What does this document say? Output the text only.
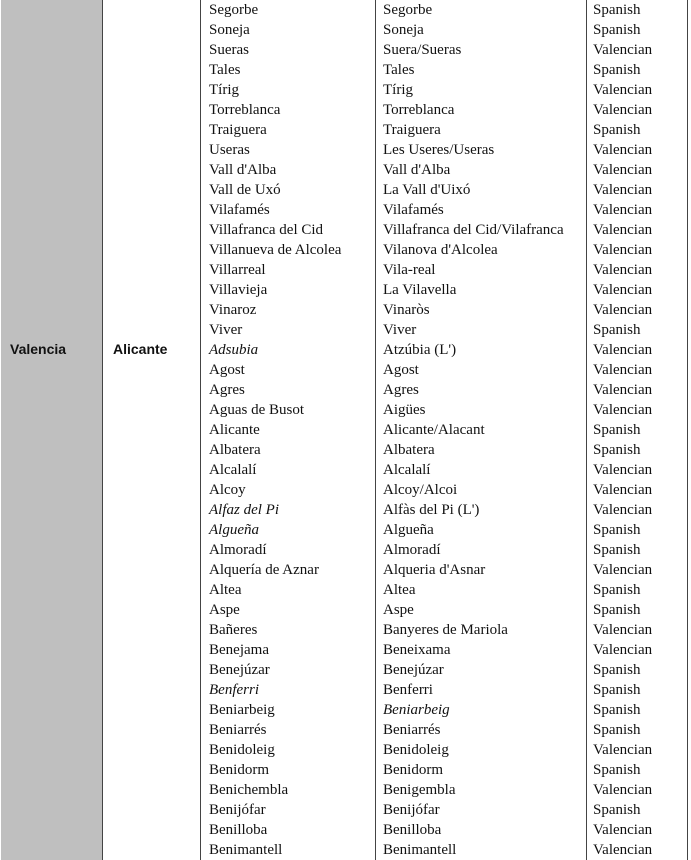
Valencia	Alicante
Segorbe	Segorbe	Spanish
Soneja	Soneja	Spanish
Sueras	Suera/Sueras	Valencian
Tales	Tales	Spanish
Tírig	Tírig	Valencian
Torreblanca	Torreblanca	Valencian
Traiguera	Traiguera	Spanish
Useras	Les Useres/Useras	Valencian
Vall d'Alba	Vall d'Alba	Valencian
Vall de Uxó	La Vall d'Uixó	Valencian
Vilafamés	Vilafamés	Valencian
Villafranca del Cid	Villafranca del Cid/Vilafranca Valencian
Villanueva de Alcolea	Vilanova d'Alcolea	Valencian
Villarreal	Vila-real	Valencian
Villavieja	La Vilavella	Valencian
Vinaroz	Vinaròs	Valencian
Viver	Viver	Spanish
Adsubia	Atzúbia (L')	Valencian
Agost	Agost	Valencian
Agres	Agres	Valencian
Aguas de Busot	Aigües	Valencian
Alicante	Alicante/Alacant	Spanish
Albatera	Albatera	Spanish
Alcalalí	Alcalalí	Valencian
Alcoy	Alcoy/Alcoi	Valencian
Alfaz del Pi	Alfàs del Pi (L')	Valencian
Algueña	Algueña	Spanish
Almoradí	Almoradí	Spanish
Alquería de Aznar	Alqueria d'Asnar	Valencian
Altea	Altea	Spanish
Aspe	Aspe	Spanish
Bañeres	Banyeres de Mariola	Valencian
Benejama	Beneixama	Valencian
Benejúzar	Benejúzar	Spanish
Benferri	Benferri	Spanish
Beniarbeig	Beniarbeig	Spanish
Beniarrés	Beniarrés	Spanish
Benidoleig	Benidoleig	Valencian
Benidorm	Benidorm	Spanish
Benichembla	Benigembla	Valencian
Benijófar	Benijófar	Spanish
Benilloba	Benilloba	Valencian
Benimantell	Benimantell	Valencian
